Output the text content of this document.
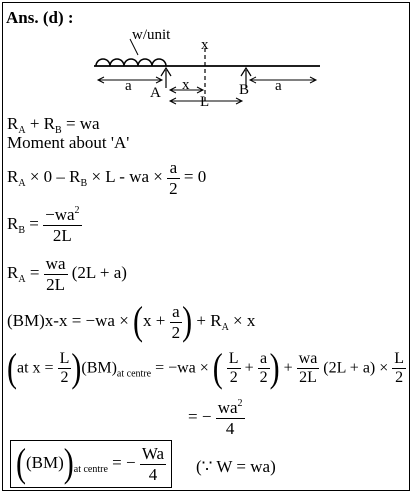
Ans. (d) :
w/unit
x
a	a
A	B
x
L
$R_A + R_B$ = wa
Moment about 'A'
$R_A \times 0 - R_B \times L$ - wa × $\frac{a}{2} = 0$
$R_B = \frac{-wa^2}{2L}$
$R_A = \frac{wa}{2L} (2L + a)$
$(BM)x-x = -wa \times (x + \frac{a}{2}$ ) + $R_A \times x$
(at $x = \frac{L}{2} )(BM)_{at centre} = -wa$ × ( $\frac{L}{2} + \frac{a}{2}$ ) + $\frac{wa}{2L} (2L + a) \times \frac{L}{2}$
= − $\frac{wa^2}{4}$
$((BM))_{at centre}$ = − $\frac{Wa}{4}$ (∵ W = wa)
